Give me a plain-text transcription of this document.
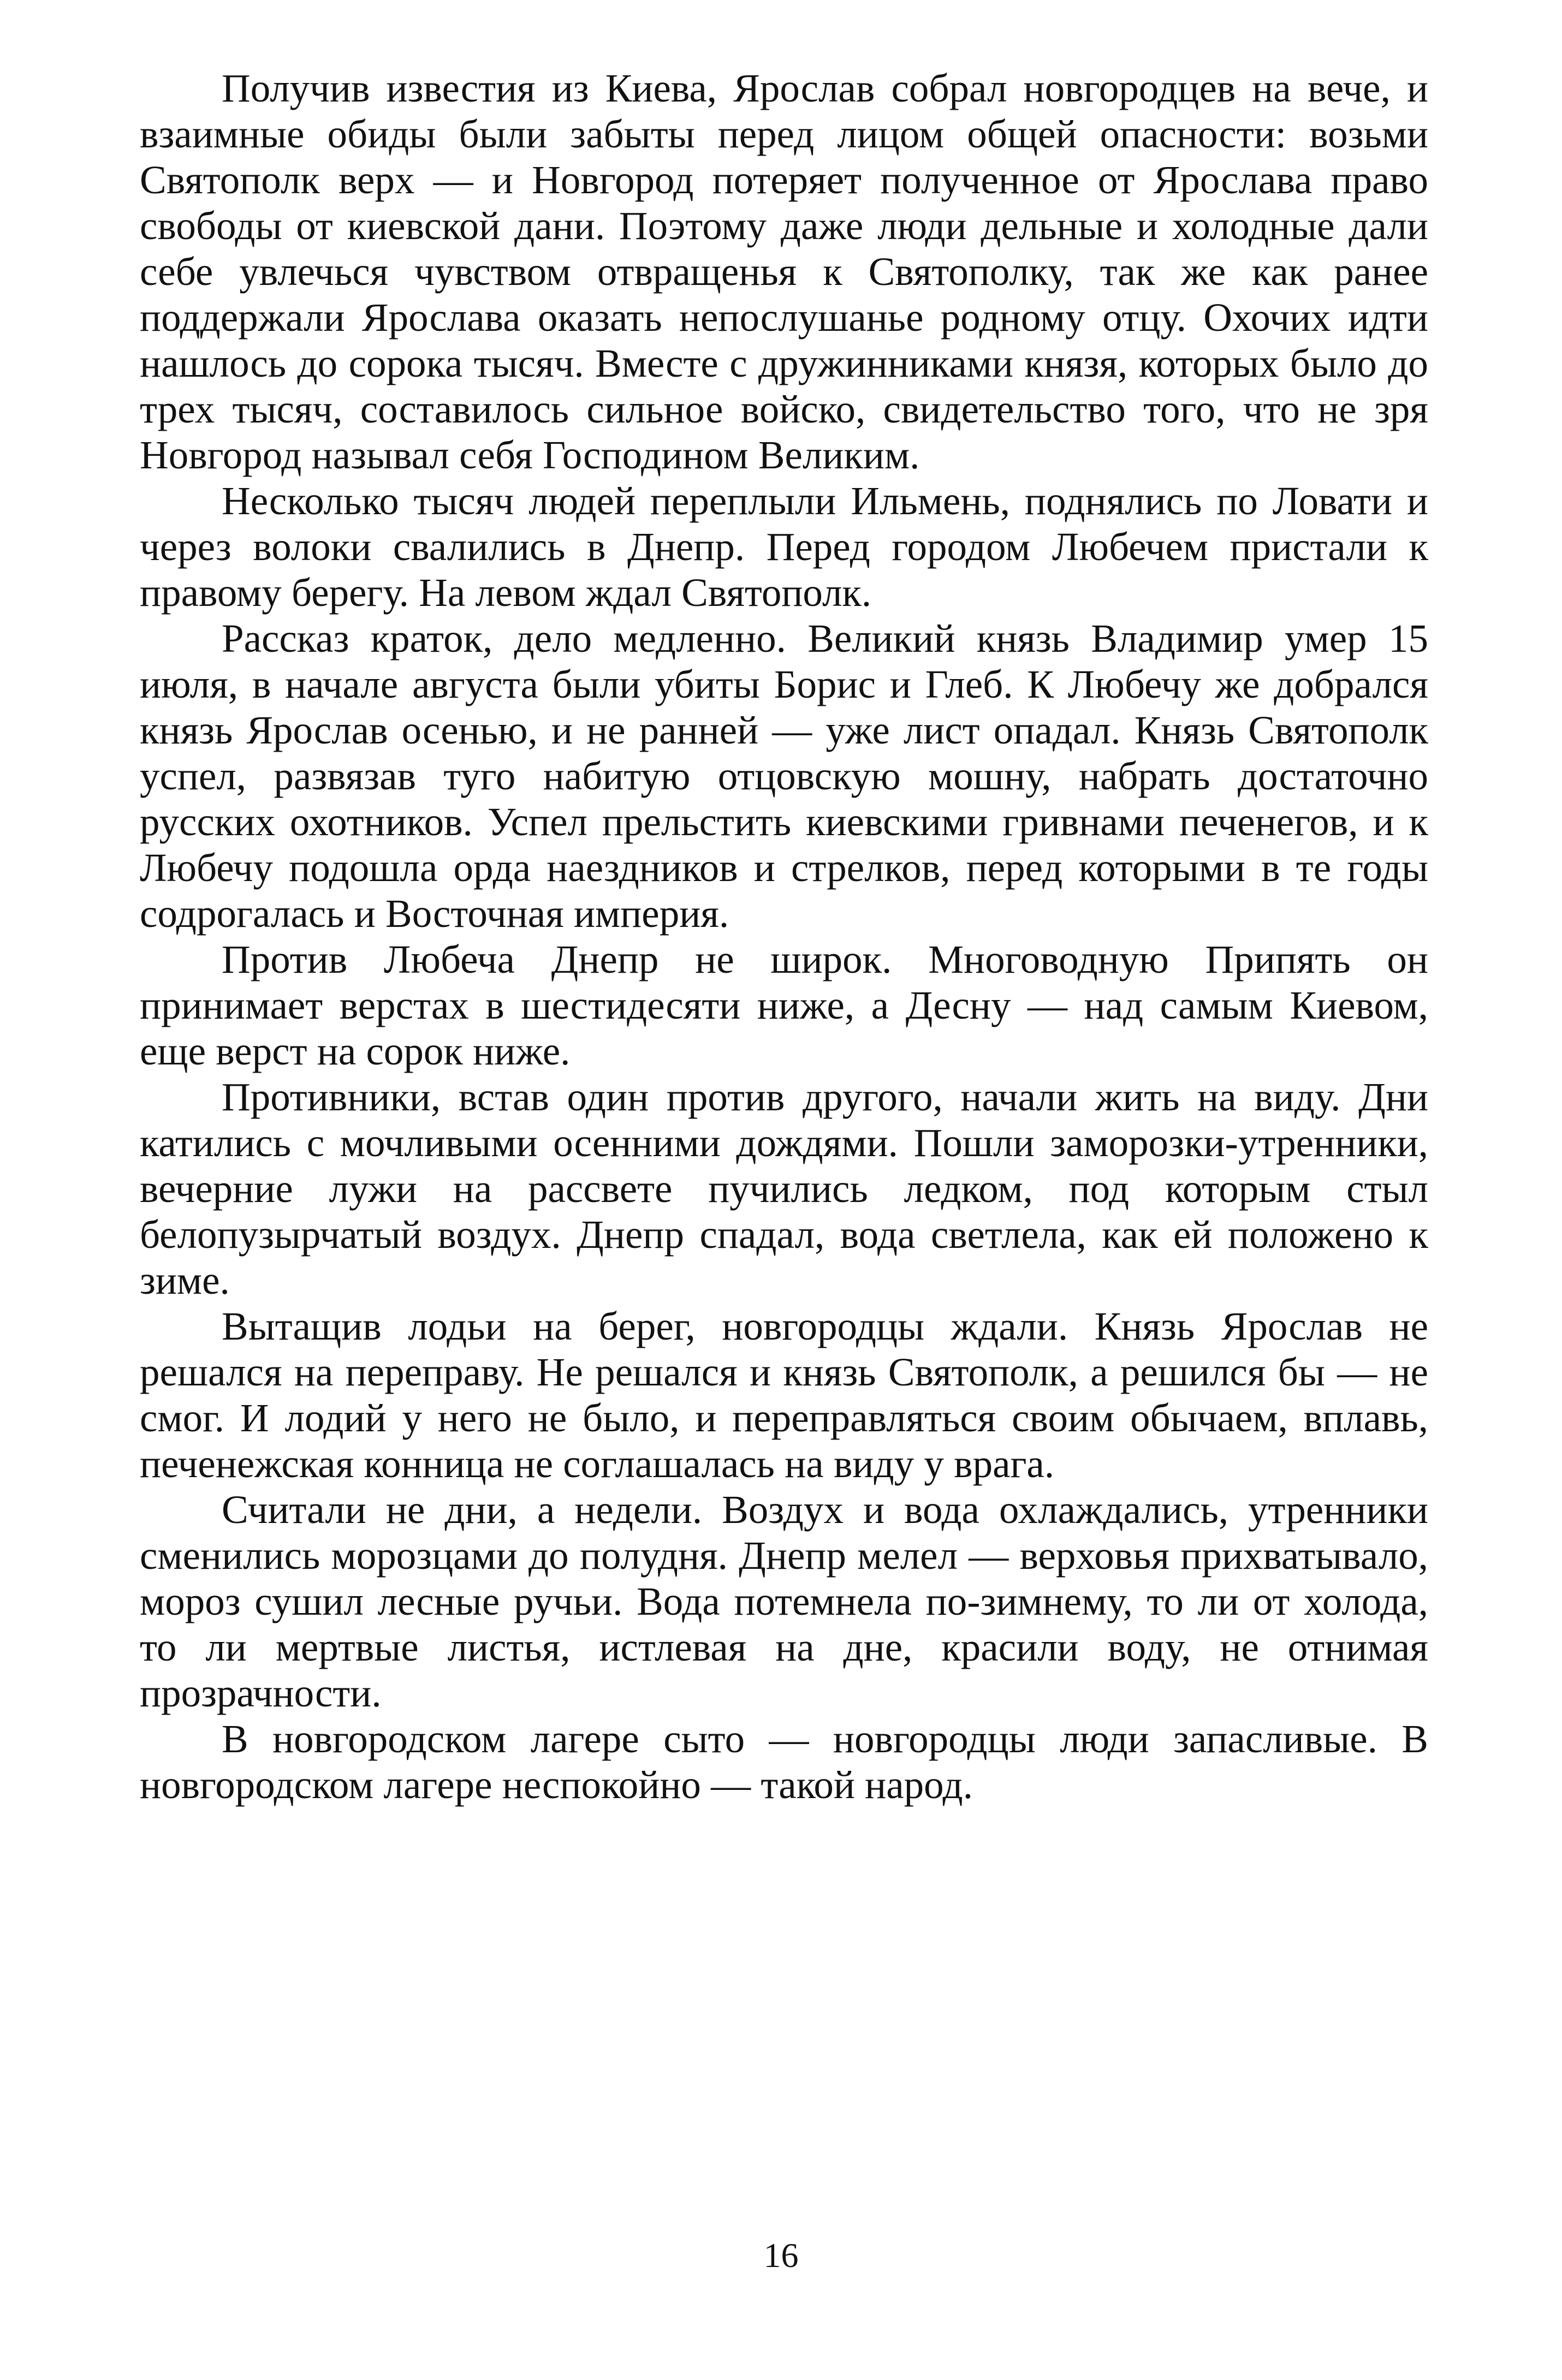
Получив известия из Киева, Ярослав собрал новгородцев на вече, и взаимные обиды были забыты перед лицом общей опасности: возьми Святополк верх — и Новгород потеряет полученное от Ярослава право свободы от киевской дани. Поэтому даже люди дельные и холодные дали себе увлечься чувством отвращенья к Святополку, так же как ранее поддержали Ярослава оказать непослушанье родному отцу. Охочих идти нашлось до сорока тысяч. Вместе с дружинниками князя, которых было до трех тысяч, составилось сильное войско, свидетельство того, что не зря Новгород называл себя Господином Великим.

Несколько тысяч людей переплыли Ильмень, поднялись по Ловати и через волоки свалились в Днепр. Перед городом Любечем пристали к правому берегу. На левом ждал Святополк.

Рассказ краток, дело медленно. Великий князь Владимир умер 15 июля, в начале августа были убиты Борис и Глеб. К Любечу же добрался князь Ярослав осенью, и не ранней — уже лист опадал. Князь Святополк успел, развязав туго набитую отцовскую мошну, набрать достаточно русских охотников. Успел прельстить киевскими гривнами печенегов, и к Любечу подошла орда наездников и стрелков, перед которыми в те годы содрогалась и Восточная империя.

Против Любеча Днепр не широк. Многоводную Припять он принимает верстах в шестидесяти ниже, а Десну — над самым Киевом, еще верст на сорок ниже.

Противники, встав один против другого, начали жить на виду. Дни катились с мочливыми осенними дождями. Пошли заморозки-утренники, вечерние лужи на рассвете пучились ледком, под которым стыл белопузырчатый воздух. Днепр спадал, вода светлела, как ей положено к зиме.

Вытащив лодьи на берег, новгородцы ждали. Князь Ярослав не решался на переправу. Не решался и князь Святополк, а решился бы — не смог. И лодий у него не было, и переправляться своим обычаем, вплавь, печенежская конница не соглашалась на виду у врага.

Считали не дни, а недели. Воздух и вода охлаждались, утренники сменились морозцами до полудня. Днепр мелел — верховья прихватывало, мороз сушил лесные ручьи. Вода потемнела по-зимнему, то ли от холода, то ли мертвые листья, истлевая на дне, красили воду, не отнимая прозрачности.

В новгородском лагере сыто — новгородцы люди запасливые. В новгородском лагере неспокойно — такой народ.

16
